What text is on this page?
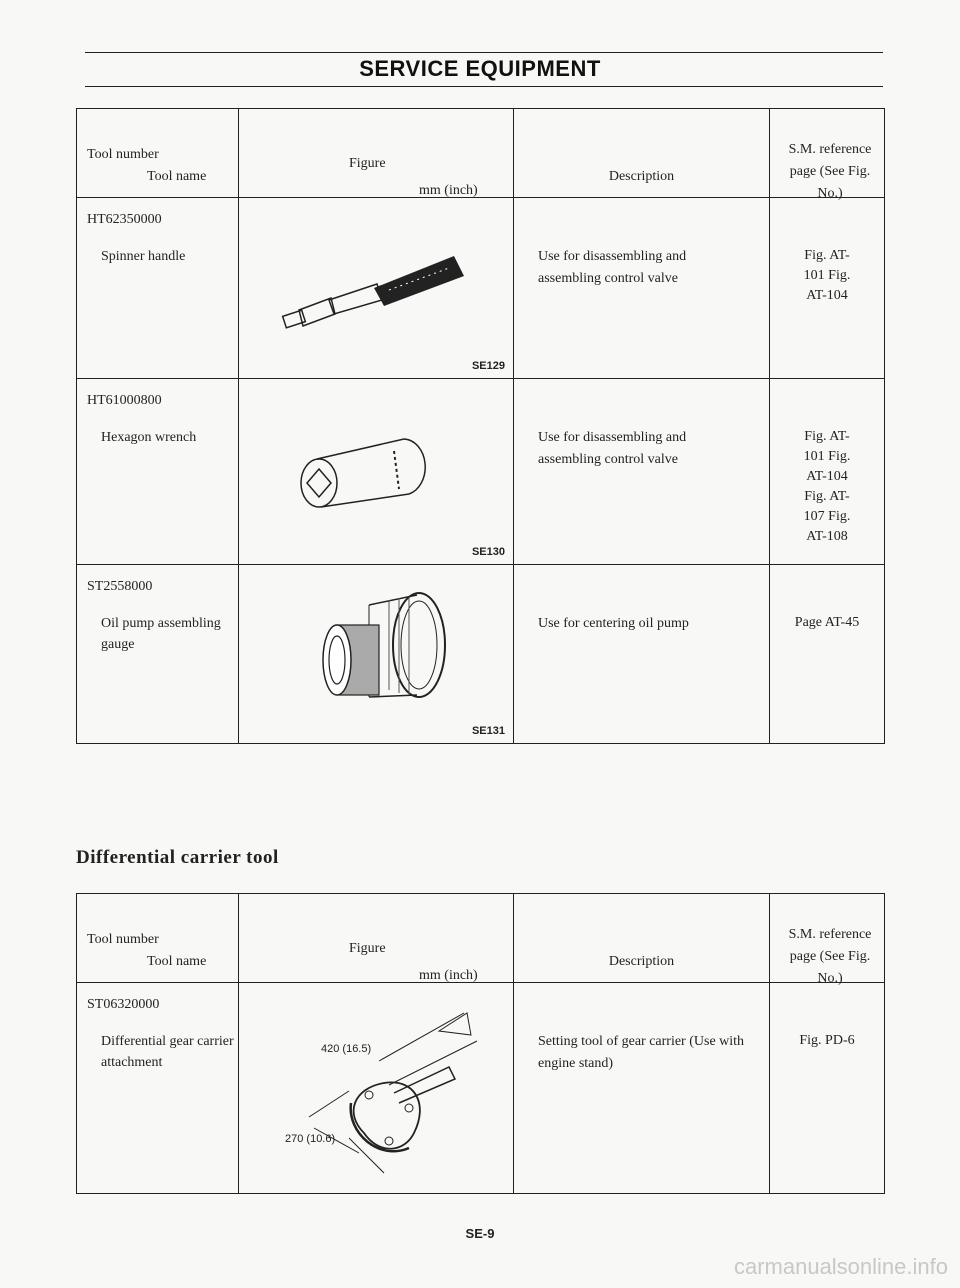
SERVICE EQUIPMENT
Tool number
Tool name	Figure
mm (inch)	Description	S.M. reference page (See Fig. No.)

HT62350000
Spinner handle	SE129	Use for disassembling and assembling control valve	Fig. AT-101 Fig. AT-104

HT61000800
Hexagon wrench	SE130	Use for disassembling and assembling control valve	Fig. AT-101 Fig. AT-104 Fig. AT-107 Fig. AT-108

ST2558000
Oil pump assembling gauge	SE131	Use for centering oil pump	Page AT-45
Differential carrier tool
Tool number
Tool name	Figure
mm (inch)	Description	S.M. reference page (See Fig. No.)

ST06320000
Differential gear carrier attachment	420 (16.5)
270 (10.6)	Setting tool of gear carrier (Use with engine stand)	Fig. PD-6
SE-9
carmanualsonline.info
